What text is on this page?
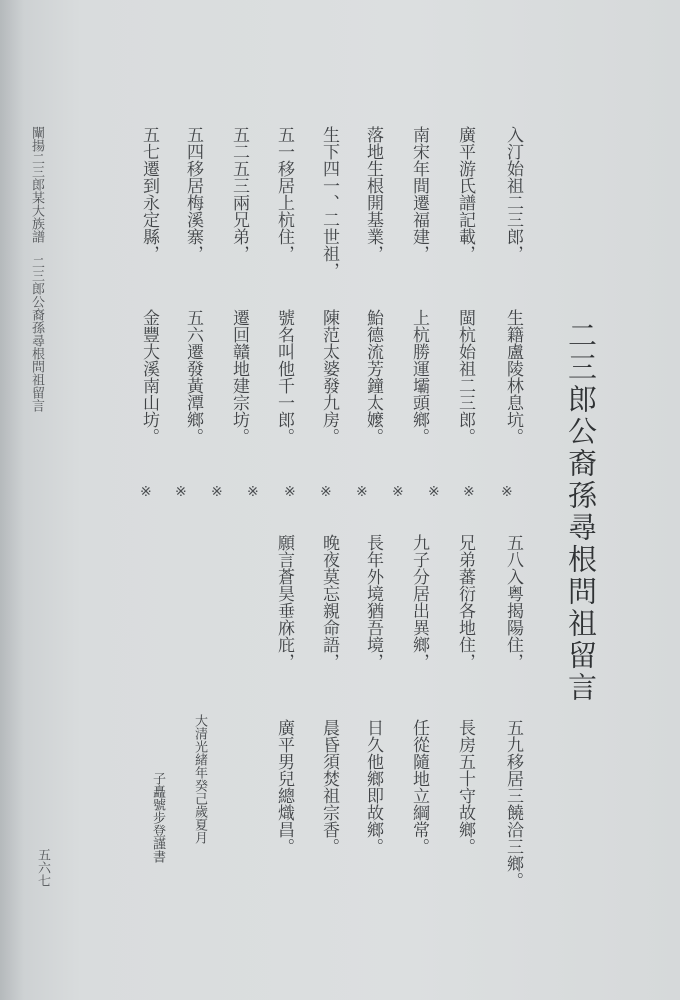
二三郎公裔孫尋根問祖留言
入汀始祖二三郎，
生籍盧陵林息坑。
五八入粤揭陽住，
五九移居三饒洽三鄉。
廣平游氏譜記載，
閩杭始祖二三郎。
兄弟蕃衍各地住，
長房五十守故鄉。
南宋年間遷福建，
上杭勝運壩頭鄉。
九子分居出異鄉，
任從隨地立綱常。
落地生根開基業，
鮐德流芳鐘太嬤。
長年外境猶吾境，
日久他鄉即故鄉。
生下四一、二世祖，
陳范太婆發九房。
晚夜莫忘親命語，
晨昏須焚祖宗香。
五一移居上杭住，
號名叫他千一郎。
願言蒼昊垂庥庇，
廣平男兒總熾昌。
五二五三兩兄弟，
遷回贛地建宗坊。
五四移居梅溪寨，
五六遷發黃潭鄉。
五七遷到永定縣，
金豐大溪南山坊。
※
※
※
※
※
※
※
※
※
※
※
大清光緒年癸己歲夏月
子矗號步登謹書
闡揚二三郎某大族譜　二三郎公裔孫尋根問祖留言
五六七
